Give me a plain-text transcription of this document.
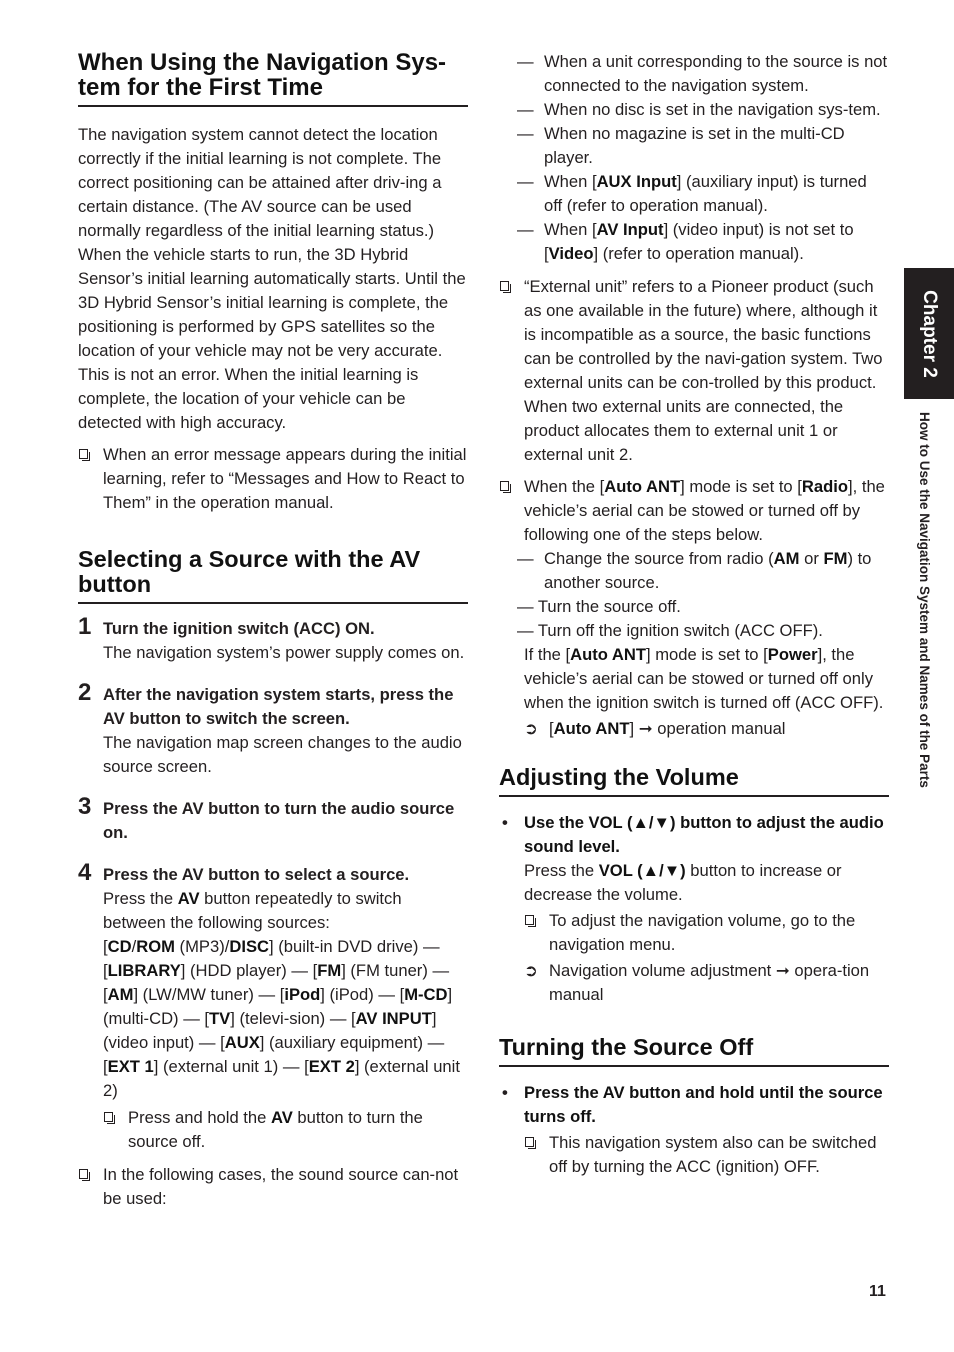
When Using the Navigation Sys-
tem for the First Time

The navigation system cannot detect the location correctly if the initial learning is not complete. The correct positioning can be attained after driv-ing a certain distance. (The AV source can be used normally regardless of the initial learning status.)

When the vehicle starts to run, the 3D Hybrid Sensor’s initial learning automatically starts. Until the 3D Hybrid Sensor’s initial learning is complete, the positioning is performed by GPS satellites so the location of your vehicle may not be very accurate. This is not an error. When the initial learning is complete, the location of your vehicle can be detected with high accuracy.

When an error message appears during the initial learning, refer to “Messages and How to React to Them” in the operation manual.
Selecting a Source with the AV
button
1 Turn the ignition switch (ACC) ON.
The navigation system’s power supply comes on.
2 After the navigation system starts, press the AV button to switch the screen.
The navigation map screen changes to the audio source screen.
3 Press the AV button to turn the audio source on.
4 Press the AV button to select a source.
Press the AV button repeatedly to switch between the following sources:
[CD/ROM (MP3)/DISC] (built-in DVD drive) — [LIBRARY] (HDD player) — [FM] (FM tuner) — [AM] (LW/MW tuner) — [iPod] (iPod) — [M-CD] (multi-CD) — [TV] (televi-sion) — [AV INPUT] (video input) — [AUX] (auxiliary equipment) — [EXT 1] (external unit 1) — [EXT 2] (external unit 2)
Press and hold the AV button to turn the source off.
In the following cases, the sound source can-not be used:
— When a unit corresponding to the source is not connected to the navigation system.
— When no disc is set in the navigation sys-tem.
— When no magazine is set in the multi-CD player.
— When [AUX Input] (auxiliary input) is turned off (refer to operation manual).
— When [AV Input] (video input) is not set to [Video] (refer to operation manual).
“External unit” refers to a Pioneer product (such as one available in the future) where, although it is incompatible as a source, the basic functions can be controlled by the navi-gation system. Two external units can be con-trolled by this product. When two external units are connected, the product allocates them to external unit 1 or external unit 2.
When the [Auto ANT] mode is set to [Radio], the vehicle’s aerial can be stowed or turned off by following one of the steps below.
— Change the source from radio (AM or FM) to another source.
— Turn the source off.
— Turn off the ignition switch (ACC OFF).
If the [Auto ANT] mode is set to [Power], the vehicle’s aerial can be stowed or turned off only when the ignition switch is turned off (ACC OFF).
➲ [Auto ANT] ➞ operation manual
Adjusting the Volume
• Use the VOL (▲/▼) button to adjust the audio sound level.
Press the VOL (▲/▼) button to increase or decrease the volume.
To adjust the navigation volume, go to the navigation menu.
➲ Navigation volume adjustment ➞ opera-tion manual
Turning the Source Off
• Press the AV button and hold until the source turns off.
This navigation system also can be switched off by turning the ACC (ignition) OFF.
Chapter 2
How to Use the Navigation System and Names of the Parts
11
